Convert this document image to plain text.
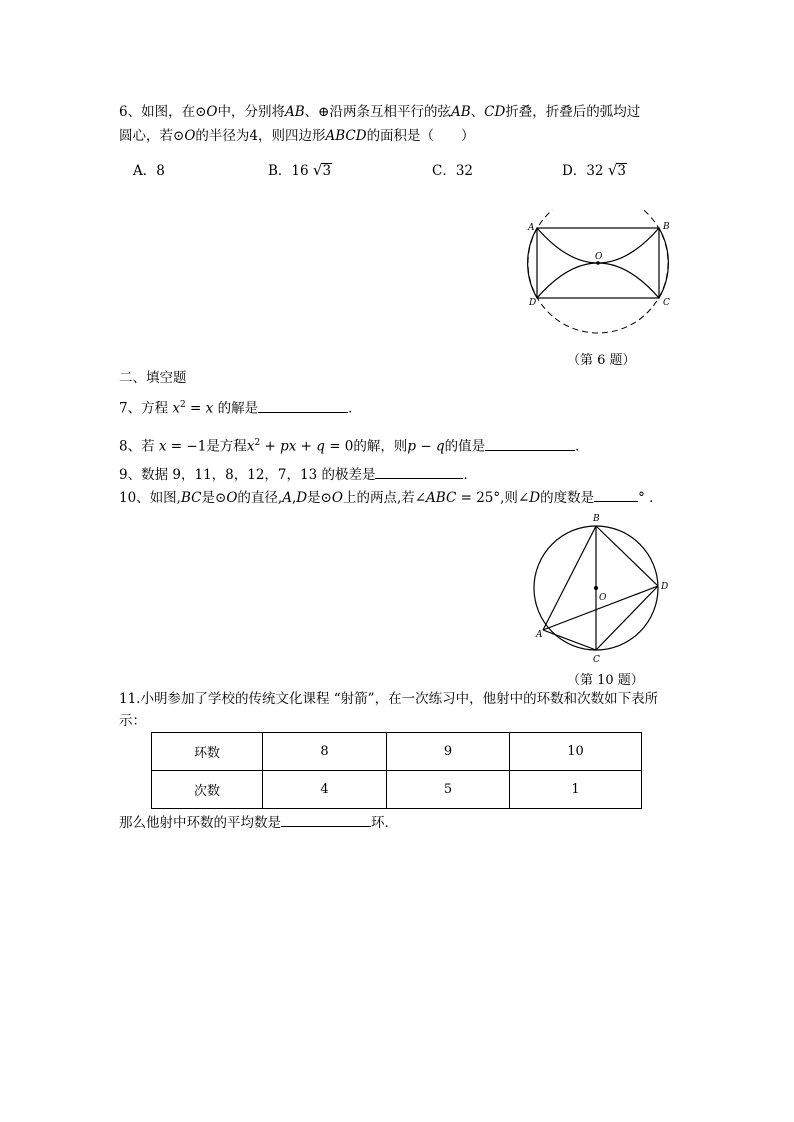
6、如图，在⊙O中，分别将AB、⊕沿两条互相平行的弦AB、CD折叠，折叠后的弧均过
圆心，若⊙O的半径为4，则四边形ABCD的面积是（　　）
A．8	B．16 √3	C．32	D．32 √3
A	B
C
D
O
（第 6 题）
二、填空题
7、方程 $x^2 = x$ 的解是	．
8、若 x = −1是方程$x^2$ + px + q = 0的解，则p − q的值是	．
9、数据 9，11，8，12，7，13 的极差是	．
10、如图,BC是⊙O的直径,A,D是⊙O上的两点,若∠ABC = 25°,则∠D的度数是	° ．
B
D
O
A
C
（第 10 题）
11.小明参加了学校的传统文化课程 “射箭”，在一次练习中，他射中的环数和次数如下表所
示：
环数	8	9	10
次数	4	5	1
那么他射中环数的平均数是	环．
